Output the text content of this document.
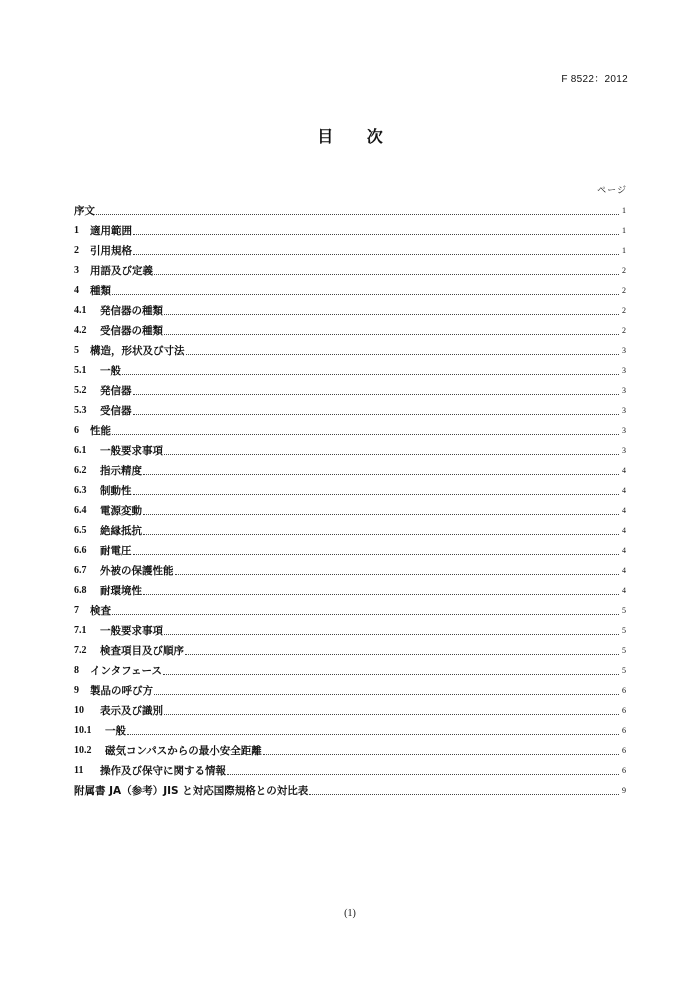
F 8522：2012
目 次
ページ
序文	1
1	適用範囲	1
2	引用規格	1
3	用語及び定義	2
4	種類	2
4.1	発信器の種類	2
4.2	受信器の種類	2
5	構造，形状及び寸法	3
5.1	一般	3
5.2	発信器	3
5.3	受信器	3
6	性能	3
6.1	一般要求事項	3
6.2	指示精度	4
6.3	制動性	4
6.4	電源変動	4
6.5	絶縁抵抗	4
6.6	耐電圧	4
6.7	外被の保護性能	4
6.8	耐環境性	4
7	検査	5
7.1	一般要求事項	5
7.2	検査項目及び順序	5
8	インタフェース	5
9	製品の呼び方	6
10	表示及び識別	6
10.1	一般	6
10.2	磁気コンパスからの最小安全距離	6
11	操作及び保守に関する情報	6
附属書 JA（参考）JIS と対応国際規格との対比表	9
(1)
